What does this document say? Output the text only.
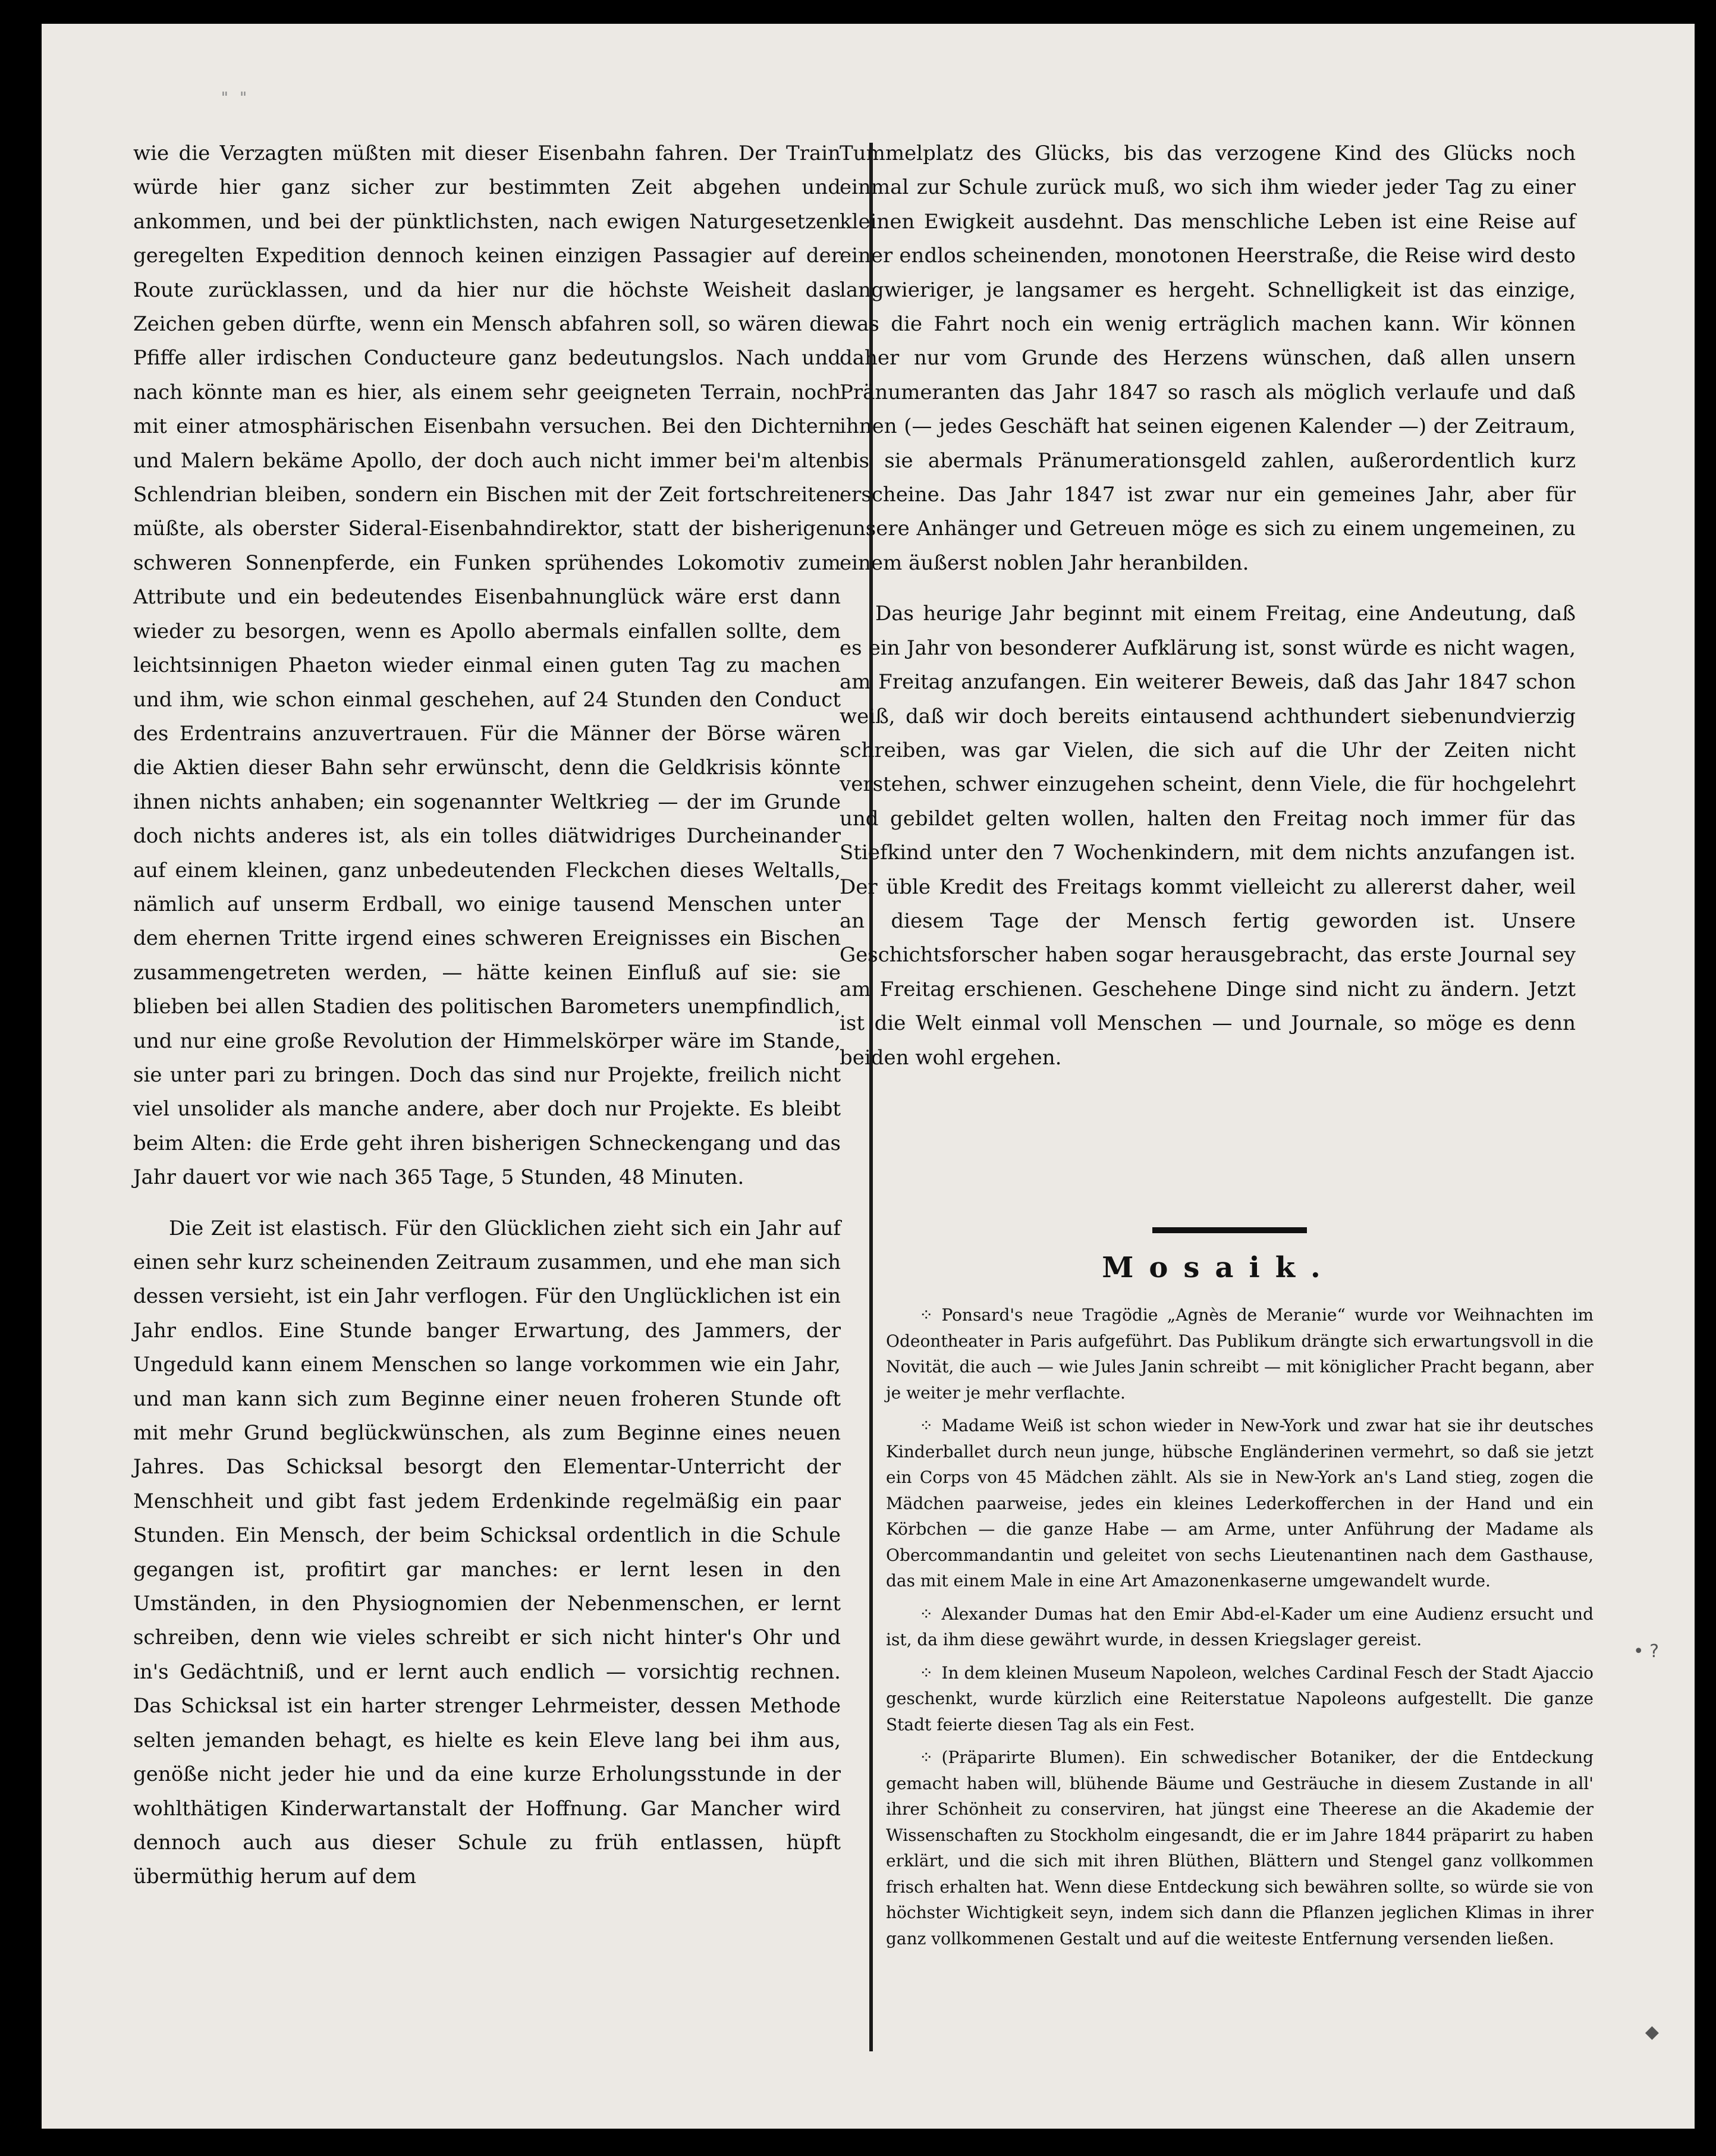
" "

wie die Verzagten müßten mit dieser Eisenbahn fahren. Der Train würde hier ganz sicher zur bestimmten Zeit abgehen und ankommen, und bei der pünktlichsten, nach ewigen Naturgesetzen geregelten Expedition dennoch keinen einzigen Passagier auf der Route zurücklassen, und da hier nur die höchste Weisheit das Zeichen geben dürfte, wenn ein Mensch abfahren soll, so wären die Pfiffe aller irdischen Conducteure ganz bedeutungslos. Nach und nach könnte man es hier, als einem sehr geeigneten Terrain, noch mit einer atmosphärischen Eisenbahn versuchen. Bei den Dichtern und Malern bekäme Apollo, der doch auch nicht immer bei'm alten Schlendrian bleiben, sondern ein Bischen mit der Zeit fortschreiten müßte, als oberster Sideral-Eisenbahndirektor, statt der bisherigen schweren Sonnenpferde, ein Funken sprühendes Lokomotiv zum Attribute und ein bedeutendes Eisenbahnunglück wäre erst dann wieder zu besorgen, wenn es Apollo abermals einfallen sollte, dem leichtsinnigen Phaeton wieder einmal einen guten Tag zu machen und ihm, wie schon einmal geschehen, auf 24 Stunden den Conduct des Erdentrains anzuvertrauen. Für die Männer der Börse wären die Aktien dieser Bahn sehr erwünscht, denn die Geldkrisis könnte ihnen nichts anhaben; ein sogenannter Weltkrieg — der im Grunde doch nichts anderes ist, als ein tolles diätwidriges Durcheinander auf einem kleinen, ganz unbedeutenden Fleckchen dieses Weltalls, nämlich auf unserm Erdball, wo einige tausend Menschen unter dem ehernen Tritte irgend eines schweren Ereignisses ein Bischen zusammengetreten werden, — hätte keinen Einfluß auf sie: sie blieben bei allen Stadien des politischen Barometers unempfindlich, und nur eine große Revolution der Himmelskörper wäre im Stande, sie unter pari zu bringen. Doch das sind nur Projekte, freilich nicht viel unsolider als manche andere, aber doch nur Projekte. Es bleibt beim Alten: die Erde geht ihren bisherigen Schneckengang und das Jahr dauert vor wie nach 365 Tage, 5 Stunden, 48 Minuten.

Die Zeit ist elastisch. Für den Glücklichen zieht sich ein Jahr auf einen sehr kurz scheinenden Zeitraum zusammen, und ehe man sich dessen versieht, ist ein Jahr verflogen. Für den Unglücklichen ist ein Jahr endlos. Eine Stunde banger Erwartung, des Jammers, der Ungeduld kann einem Menschen so lange vorkommen wie ein Jahr, und man kann sich zum Beginne einer neuen froheren Stunde oft mit mehr Grund beglückwünschen, als zum Beginne eines neuen Jahres. Das Schicksal besorgt den Elementar-Unterricht der Menschheit und gibt fast jedem Erdenkinde regelmäßig ein paar Stunden. Ein Mensch, der beim Schicksal ordentlich in die Schule gegangen ist, profitirt gar manches: er lernt lesen in den Umständen, in den Physiognomien der Nebenmenschen, er lernt schreiben, denn wie vieles schreibt er sich nicht hinter's Ohr und in's Gedächtniß, und er lernt auch endlich — vorsichtig rechnen. Das Schicksal ist ein harter strenger Lehrmeister, dessen Methode selten jemanden behagt, es hielte es kein Eleve lang bei ihm aus, genöße nicht jeder hie und da eine kurze Erholungsstunde in der wohlthätigen Kinderwartanstalt der Hoffnung. Gar Mancher wird dennoch auch aus dieser Schule zu früh entlassen, hüpft übermüthig herum auf dem

Tummelplatz des Glücks, bis das verzogene Kind des Glücks noch einmal zur Schule zurück muß, wo sich ihm wieder jeder Tag zu einer kleinen Ewigkeit ausdehnt. Das menschliche Leben ist eine Reise auf einer endlos scheinenden, monotonen Heerstraße, die Reise wird desto langwieriger, je langsamer es hergeht. Schnelligkeit ist das einzige, was die Fahrt noch ein wenig erträglich machen kann. Wir können daher nur vom Grunde des Herzens wünschen, daß allen unsern Pränumeranten das Jahr 1847 so rasch als möglich verlaufe und daß ihnen (— jedes Geschäft hat seinen eigenen Kalender —) der Zeitraum, bis sie abermals Pränumerationsgeld zahlen, außerordentlich kurz erscheine. Das Jahr 1847 ist zwar nur ein gemeines Jahr, aber für unsere Anhänger und Getreuen möge es sich zu einem ungemeinen, zu einem äußerst noblen Jahr heranbilden.

Das heurige Jahr beginnt mit einem Freitag, eine Andeutung, daß es ein Jahr von besonderer Aufklärung ist, sonst würde es nicht wagen, am Freitag anzufangen. Ein weiterer Beweis, daß das Jahr 1847 schon weiß, daß wir doch bereits eintausend achthundert siebenundvierzig schreiben, was gar Vielen, die sich auf die Uhr der Zeiten nicht verstehen, schwer einzugehen scheint, denn Viele, die für hochgelehrt und gebildet gelten wollen, halten den Freitag noch immer für das Stiefkind unter den 7 Wochenkindern, mit dem nichts anzufangen ist. Der üble Kredit des Freitags kommt vielleicht zu allererst daher, weil an diesem Tage der Mensch fertig geworden ist. Unsere Geschichtsforscher haben sogar herausgebracht, das erste Journal sey am Freitag erschienen. Geschehene Dinge sind nicht zu ändern. Jetzt ist die Welt einmal voll Menschen — und Journale, so möge es denn beiden wohl ergehen.

Mosaik.

⁘ Ponsard's neue Tragödie „Agnès de Meranie“ wurde vor Weihnachten im Odeontheater in Paris aufgeführt. Das Publikum drängte sich erwartungsvoll in die Novität, die auch — wie Jules Janin schreibt — mit königlicher Pracht begann, aber je weiter je mehr verflachte.

⁘ Madame Weiß ist schon wieder in New-York und zwar hat sie ihr deutsches Kinderballet durch neun junge, hübsche Engländerinen vermehrt, so daß sie jetzt ein Corps von 45 Mädchen zählt. Als sie in New-York an's Land stieg, zogen die Mädchen paarweise, jedes ein kleines Lederkofferchen in der Hand und ein Körbchen — die ganze Habe — am Arme, unter Anführung der Madame als Obercommandantin und geleitet von sechs Lieutenantinen nach dem Gasthause, das mit einem Male in eine Art Amazonenkaserne umgewandelt wurde.

⁘ Alexander Dumas hat den Emir Abd-el-Kader um eine Audienz ersucht und ist, da ihm diese gewährt wurde, in dessen Kriegslager gereist.

⁘ In dem kleinen Museum Napoleon, welches Cardinal Fesch der Stadt Ajaccio geschenkt, wurde kürzlich eine Reiterstatue Napoleons aufgestellt. Die ganze Stadt feierte diesen Tag als ein Fest.

⁘ (Präparirte Blumen). Ein schwedischer Botaniker, der die Entdeckung gemacht haben will, blühende Bäume und Gesträuche in diesem Zustande in all' ihrer Schönheit zu conserviren, hat jüngst eine Theerese an die Akademie der Wissenschaften zu Stockholm eingesandt, die er im Jahre 1844 präparirt zu haben erklärt, und die sich mit ihren Blüthen, Blättern und Stengel ganz vollkommen frisch erhalten hat. Wenn diese Entdeckung sich bewähren sollte, so würde sie von höchster Wichtigkeit seyn, indem sich dann die Pflanzen jeglichen Klimas in ihrer ganz vollkommenen Gestalt und auf die weiteste Entfernung versenden ließen.

• ?
◆
